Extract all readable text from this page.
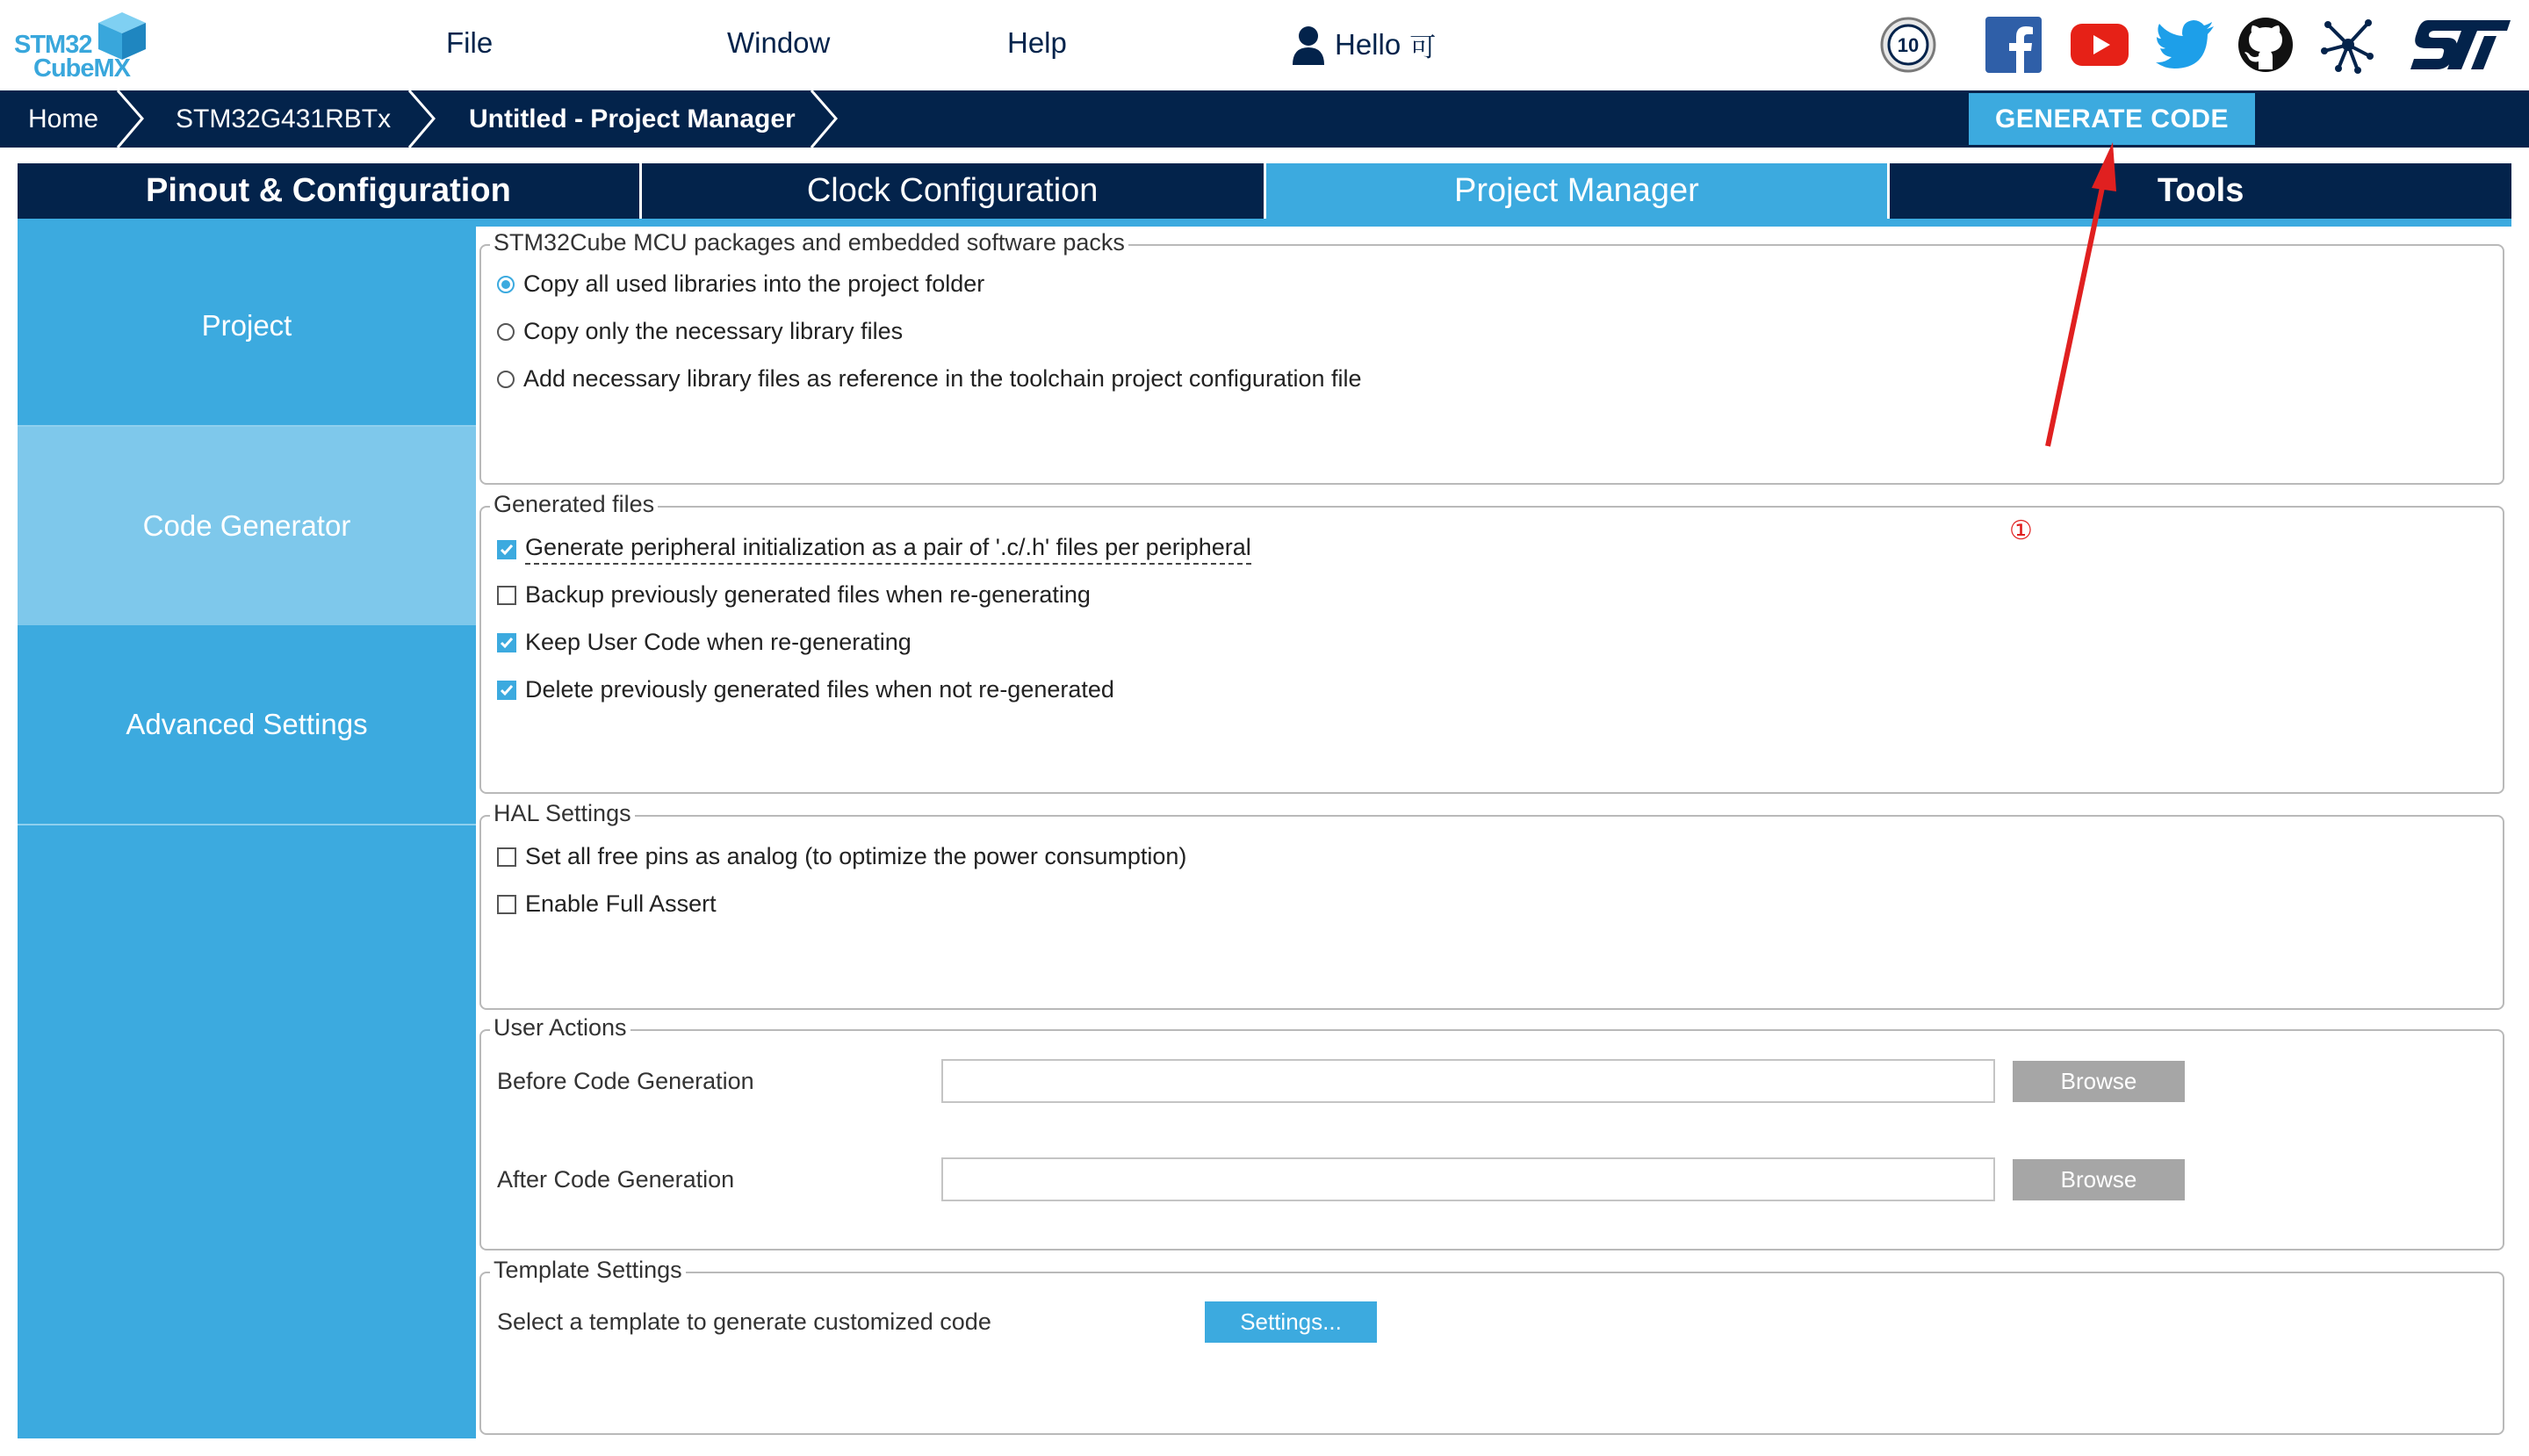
STM32
CubeMX
File	Window	Help	Hello 可	10
Home	STM32G431RBTx	Untitled - Project Manager	GENERATE CODE
Pinout & Configuration	Clock Configuration	Project Manager	Tools
Project
Code Generator
Advanced Settings
STM32Cube MCU packages and embedded software packs
Copy all used libraries into the project folder
Copy only the necessary library files
Add necessary library files as reference in the toolchain project configuration file
Generated files
Generate peripheral initialization as a pair of '.c/.h' files per peripheral
Backup previously generated files when re-generating
Keep User Code when re-generating
Delete previously generated files when not re-generated
HAL Settings
Set all free pins as analog (to optimize the power consumption)
Enable Full Assert
User Actions
Before Code Generation	Browse
After Code Generation	Browse
Template Settings
Select a template to generate customized code	Settings...
①
